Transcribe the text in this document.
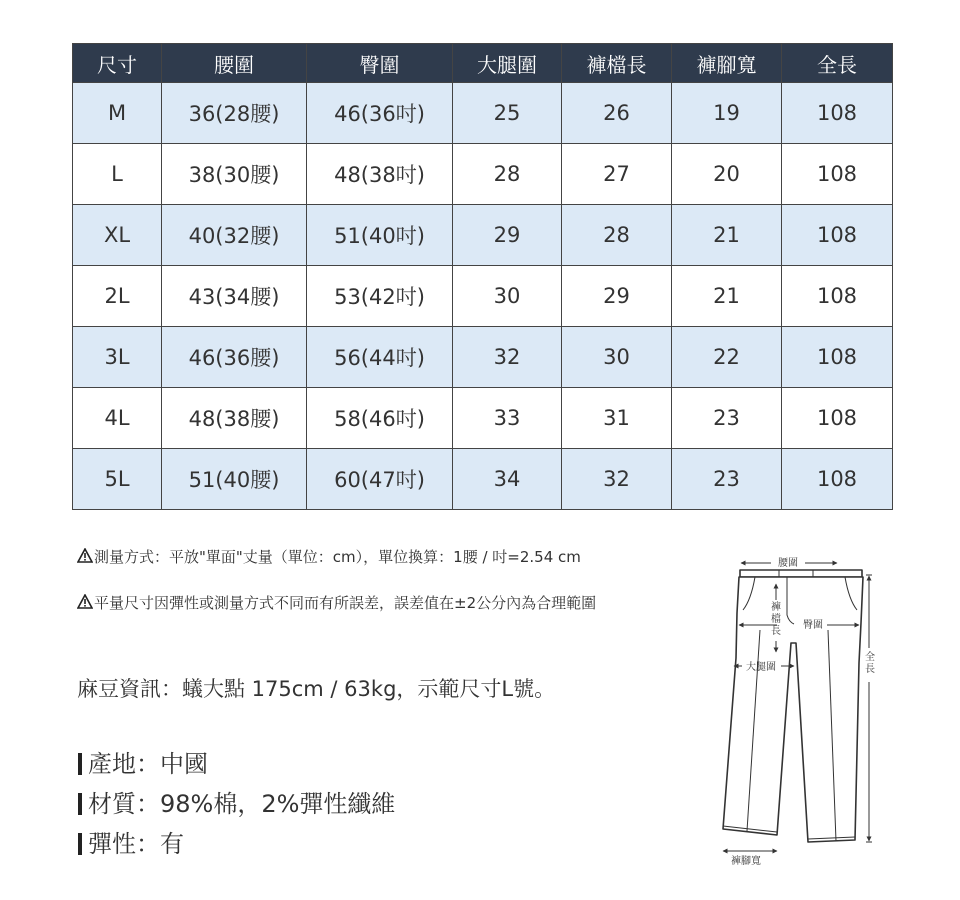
尺寸	腰圍	臀圍	大腿圍	褲檔長	褲腳寬	全長
M	36(28腰)	46(36吋)	25	26	19	108
L	38(30腰)	48(38吋)	28	27	20	108
XL	40(32腰)	51(40吋)	29	28	21	108
2L	43(34腰)	53(42吋)	30	29	21	108
3L	46(36腰)	56(44吋)	32	30	22	108
4L	48(38腰)	58(46吋)	33	31	23	108
5L	51(40腰)	60(47吋)	34	32	23	108
測量方式：平放"單面"丈量（單位：cm），單位換算：1腰 / 吋=2.54 cm
平量尺寸因彈性或測量方式不同而有所誤差，誤差值在±2公分內為合理範圍
麻豆資訊：蟻大點 175cm / 63kg，示範尺寸L號。
產地：中國
材質：98%棉，2%彈性纖維
彈性：有
腰圍
褲
檔
長
臀圍
大腿圍
全
長
褲腳寬
